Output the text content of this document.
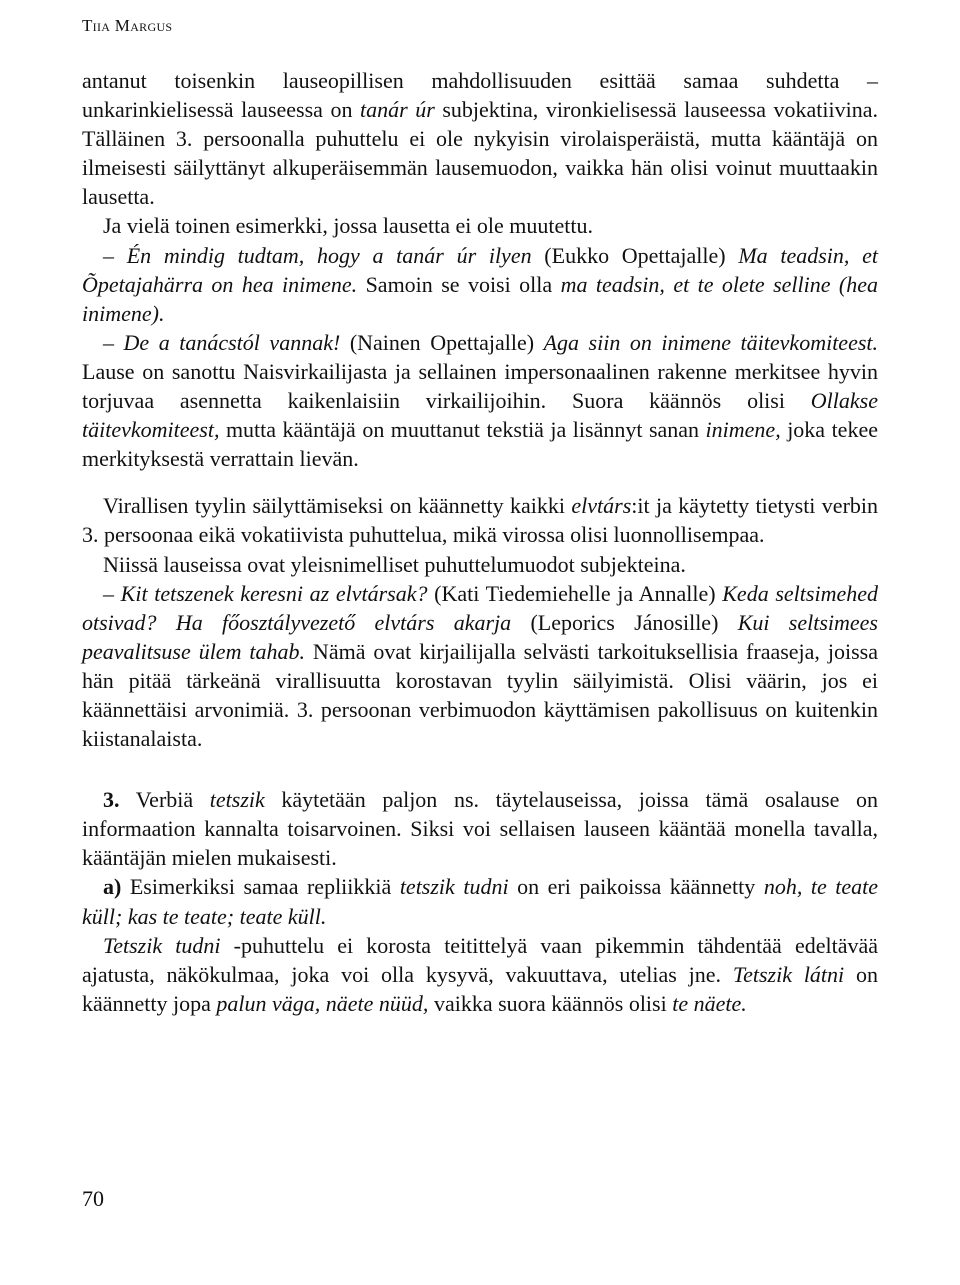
Tiia Margus

antanut toisenkin lauseopillisen mahdollisuuden esittää samaa suhdetta – unkarinkielisessä lauseessa on tanár úr subjektina, vironkielisessä lauseessa vokatiivina. Tälläinen 3. persoonalla puhuttelu ei ole nykyisin virolaisperäistä, mutta kääntäjä on ilmeisesti säilyttänyt alkuperäisemmän lausemuodon, vaikka hän olisi voinut muuttaakin lausetta.

Ja vielä toinen esimerkki, jossa lausetta ei ole muutettu.

– Én mindig tudtam, hogy a tanár úr ilyen (Eukko Opettajalle) Ma teadsin, et Õpetajahärra on hea inimene. Samoin se voisi olla ma teadsin, et te olete selline (hea inimene).

– De a tanácstól vannak! (Nainen Opettajalle) Aga siin on inimene täitevkomiteest. Lause on sanottu Naisvirkailijasta ja sellainen impersonaalinen rakenne merkitsee hyvin torjuvaa asennetta kaikenlaisiin virkailijoihin. Suora käännös olisi Ollakse täitevkomiteest, mutta kääntäjä on muuttanut tekstiä ja lisännyt sanan inimene, joka tekee merkityksestä verrattain lievän.

Virallisen tyylin säilyttämiseksi on käännetty kaikki elvtárs:it ja käytetty tietysti verbin 3. persoonaa eikä vokatiivista puhuttelua, mikä virossa olisi luonnollisempaa.

Niissä lauseissa ovat yleisnimelliset puhuttelumuodot subjekteina.

– Kit tetszenek keresni az elvtársak? (Kati Tiedemiehelle ja Annalle) Keda seltsimehed otsivad? Ha főosztályvezető elvtárs akarja (Leporics Jánosille) Kui seltsimees peavalitsuse ülem tahab. Nämä ovat kirjailijalla selvästi tarkoituksellisia fraaseja, joissa hän pitää tärkeänä virallisuutta korostavan tyylin säilyimistä. Olisi väärin, jos ei käännettäisi arvonimiä. 3. persoonan verbimuodon käyttämisen pakollisuus on kuitenkin kiistanalaista.

3. Verbiä tetszik käytetään paljon ns. täytelauseissa, joissa tämä osalause on informaation kannalta toisarvoinen. Siksi voi sellaisen lauseen kääntää monella tavalla, kääntäjän mielen mukaisesti.

a) Esimerkiksi samaa repliikkiä tetszik tudni on eri paikoissa käännetty noh, te teate küll; kas te teate; teate küll.

Tetszik tudni -puhuttelu ei korosta teitittelyä vaan pikemmin tähdentää edeltävää ajatusta, näkökulmaa, joka voi olla kysyvä, vakuuttava, utelias jne. Tetszik látni on käännetty jopa palun väga, näete nüüd, vaikka suora käännös olisi te näete.

70
